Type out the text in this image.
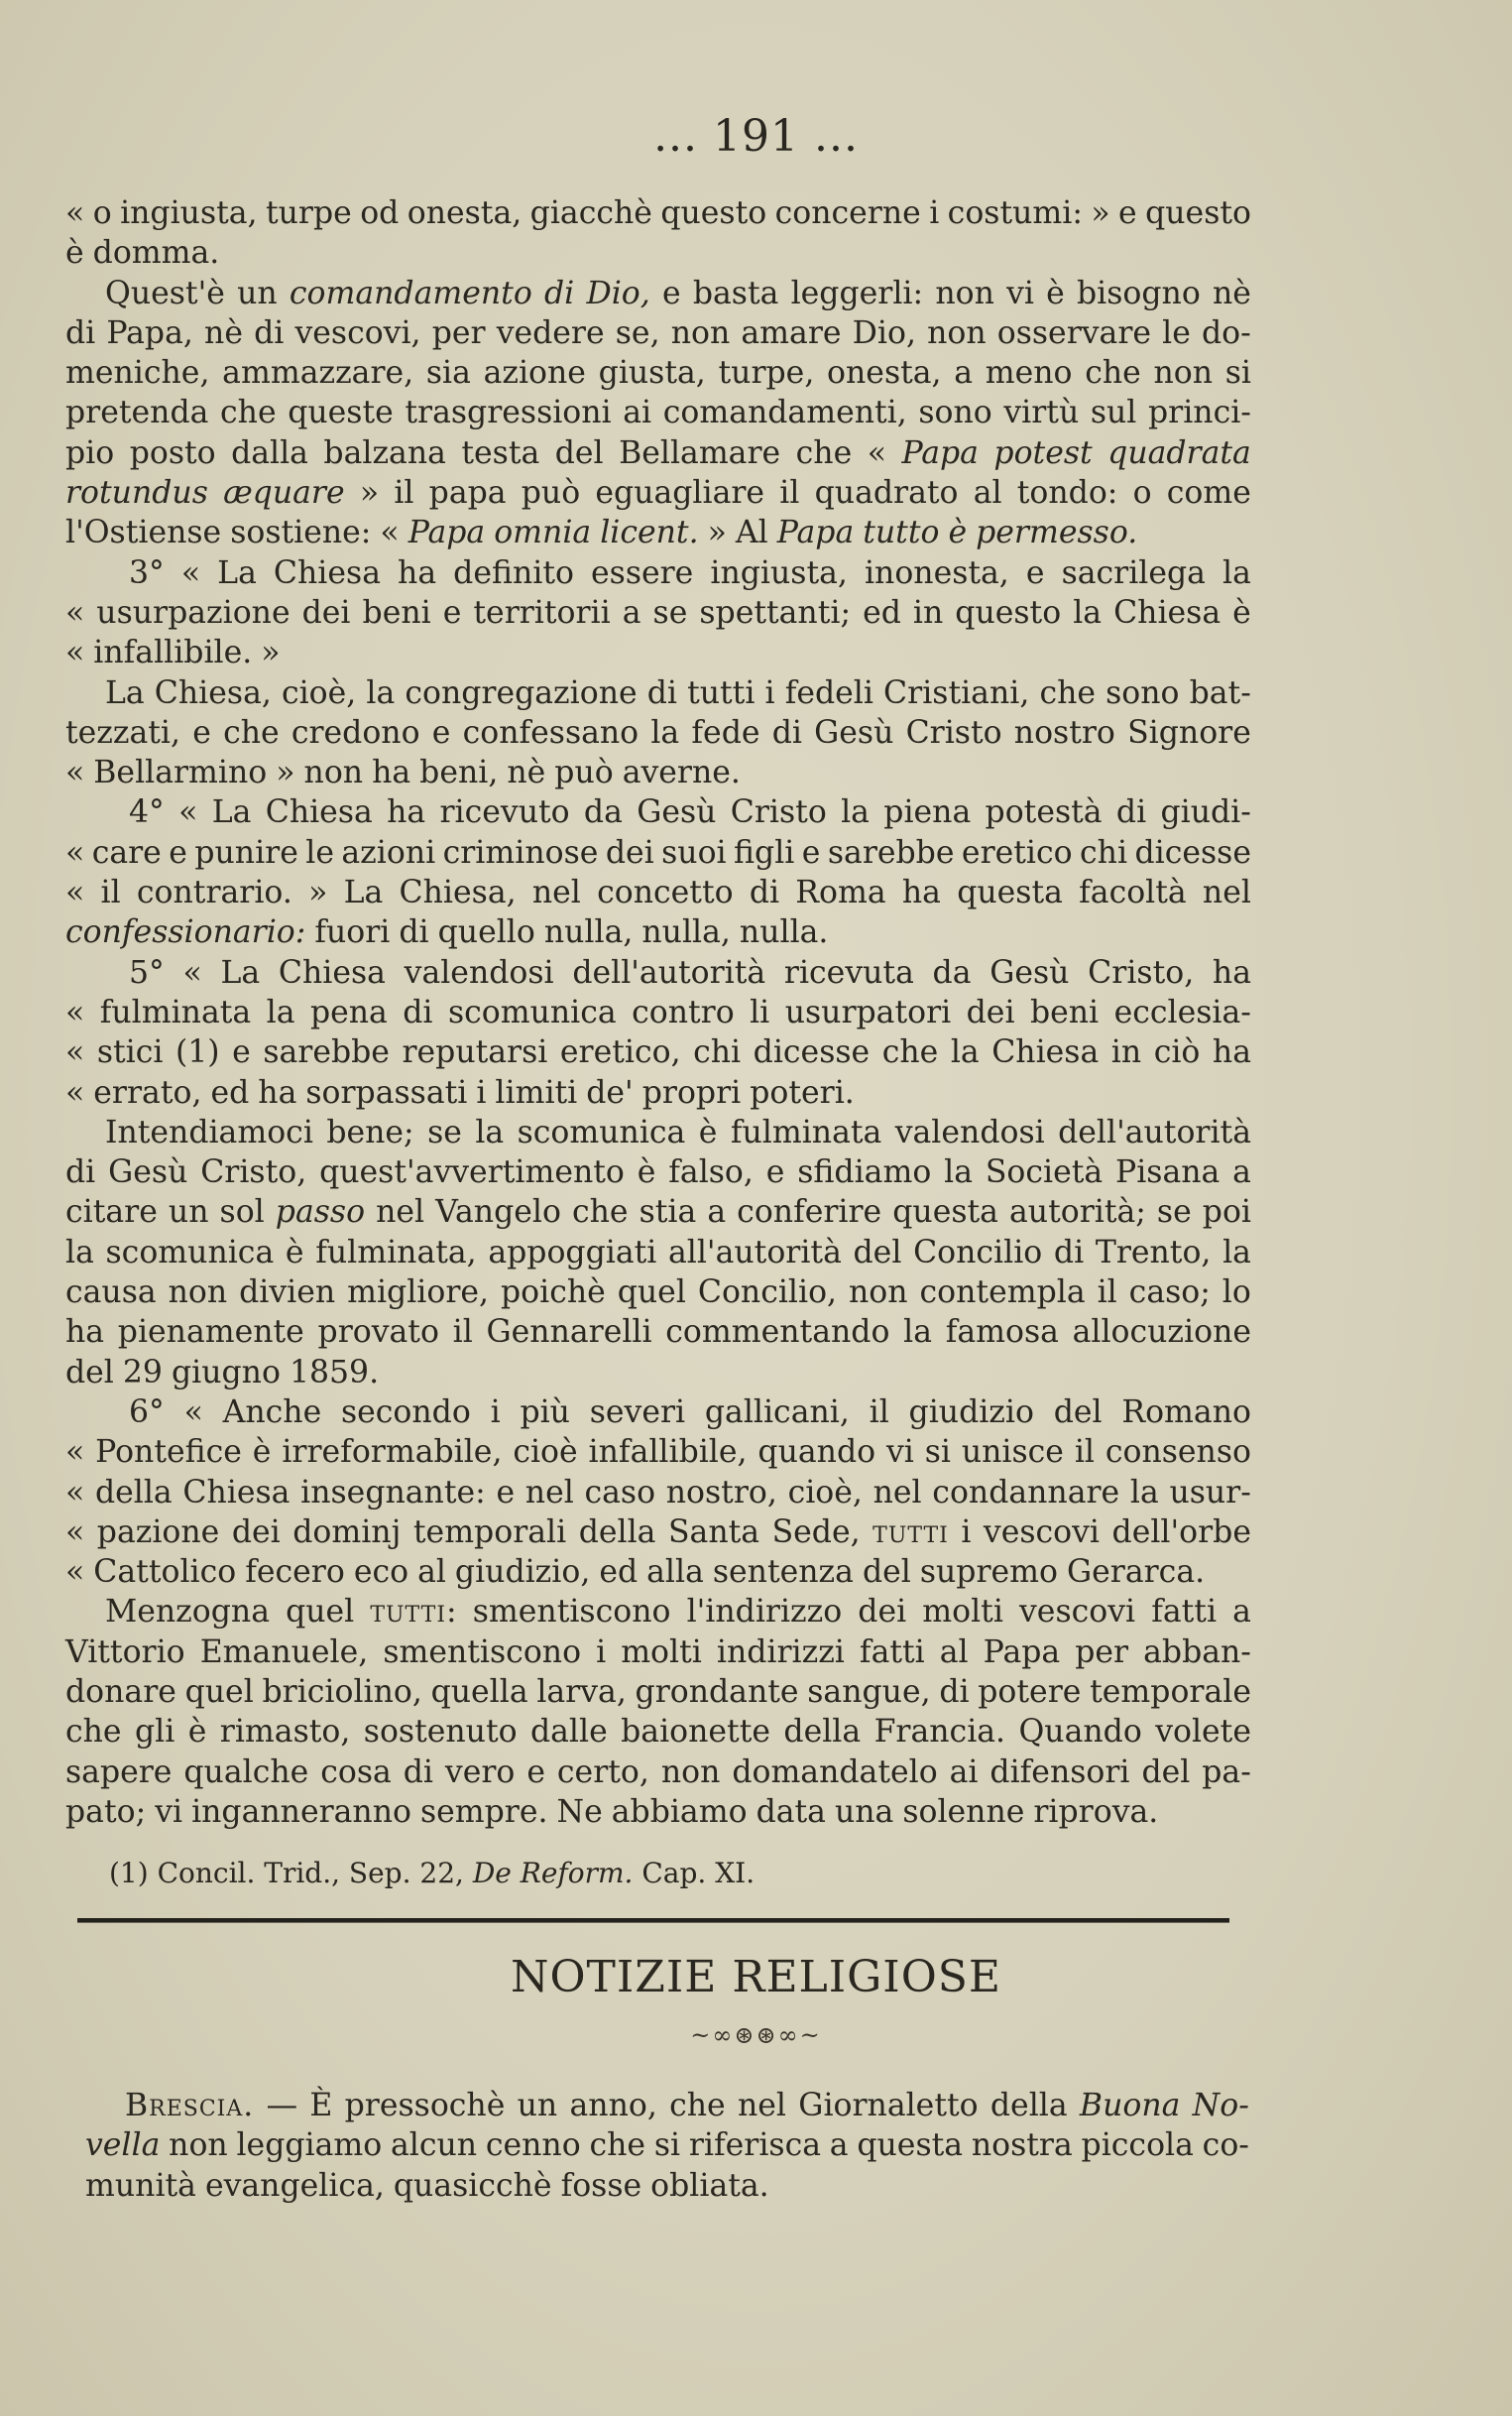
... 191 ...
« o ingiusta, turpe od onesta, giacchè questo concerne i costumi: » e questo
è domma.
Quest'è un comandamento di Dio, e basta leggerli: non vi è bisogno nè
di Papa, nè di vescovi, per vedere se, non amare Dio, non osservare le do-
meniche, ammazzare, sia azione giusta, turpe, onesta, a meno che non si
pretenda che queste trasgressioni ai comandamenti, sono virtù sul princi-
pio posto dalla balzana testa del Bellamare che « Papa potest quadrata
rotundus æquare » il papa può eguagliare il quadrato al tondo: o come
l'Ostiense sostiene: « Papa omnia licent. » Al Papa tutto è permesso.
3° « La Chiesa ha definito essere ingiusta, inonesta, e sacrilega la
« usurpazione dei beni e territorii a se spettanti; ed in questo la Chiesa è
« infallibile. »
La Chiesa, cioè, la congregazione di tutti i fedeli Cristiani, che sono bat-
tezzati, e che credono e confessano la fede di Gesù Cristo nostro Signore
« Bellarmino » non ha beni, nè può averne.
4° « La Chiesa ha ricevuto da Gesù Cristo la piena potestà di giudi-
« care e punire le azioni criminose dei suoi figli e sarebbe eretico chi dicesse
« il contrario. » La Chiesa, nel concetto di Roma ha questa facoltà nel
confessionario: fuori di quello nulla, nulla, nulla.
5° « La Chiesa valendosi dell'autorità ricevuta da Gesù Cristo, ha
« fulminata la pena di scomunica contro li usurpatori dei beni ecclesia-
« stici (1) e sarebbe reputarsi eretico, chi dicesse che la Chiesa in ciò ha
« errato, ed ha sorpassati i limiti de' propri poteri.
Intendiamoci bene; se la scomunica è fulminata valendosi dell'autorità
di Gesù Cristo, quest'avvertimento è falso, e sfidiamo la Società Pisana a
citare un sol passo nel Vangelo che stia a conferire questa autorità; se poi
la scomunica è fulminata, appoggiati all'autorità del Concilio di Trento, la
causa non divien migliore, poichè quel Concilio, non contempla il caso; lo
ha pienamente provato il Gennarelli commentando la famosa allocuzione
del 29 giugno 1859.
6° « Anche secondo i più severi gallicani, il giudizio del Romano
« Pontefice è irreformabile, cioè infallibile, quando vi si unisce il consenso
« della Chiesa insegnante: e nel caso nostro, cioè, nel condannare la usur-
« pazione dei dominj temporali della Santa Sede, tutti i vescovi dell'orbe
« Cattolico fecero eco al giudizio, ed alla sentenza del supremo Gerarca.
Menzogna quel tutti: smentiscono l'indirizzo dei molti vescovi fatti a
Vittorio Emanuele, smentiscono i molti indirizzi fatti al Papa per abban-
donare quel briciolino, quella larva, grondante sangue, di potere temporale
che gli è rimasto, sostenuto dalle baionette della Francia. Quando volete
sapere qualche cosa di vero e certo, non domandatelo ai difensori del pa-
pato; vi inganneranno sempre. Ne abbiamo data una solenne riprova.
(1) Concil. Trid., Sep. 22, De Reform. Cap. XI.
NOTIZIE RELIGIOSE
~∞⊛⊛∞~
Brescia. — È pressochè un anno, che nel Giornaletto della Buona No-
vella non leggiamo alcun cenno che si riferisca a questa nostra piccola co-
munità evangelica, quasicchè fosse obliata.
